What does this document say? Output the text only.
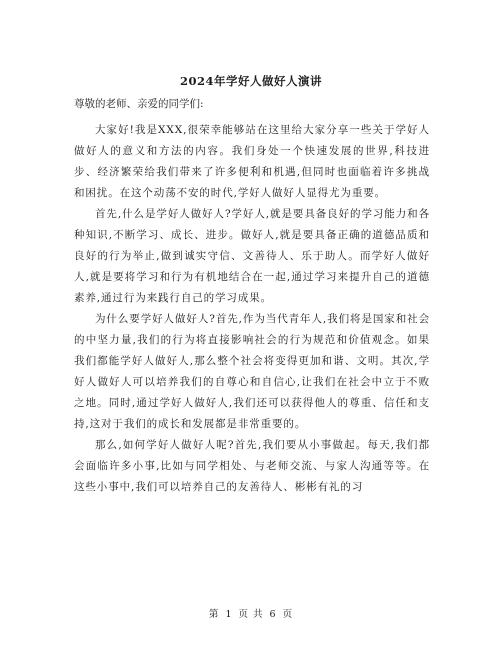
2024年学好人做好人演讲
尊敬的老师、亲爱的同学们:

大家好!我是XXX,很荣幸能够站在这里给大家分享一些关于学好人做好人的意义和方法的内容。我们身处一个快速发展的世界,科技进步、经济繁荣给我们带来了许多便利和机遇,但同时也面临着许多挑战和困扰。在这个动荡不安的时代,学好人做好人显得尤为重要。

首先,什么是学好人做好人?学好人,就是要具备良好的学习能力和各种知识,不断学习、成长、进步。做好人,就是要具备正确的道德品质和良好的行为举止,做到诚实守信、文善待人、乐于助人。而学好人做好人,就是要将学习和行为有机地结合在一起,通过学习来提升自己的道德素养,通过行为来践行自己的学习成果。

为什么要学好人做好人?首先,作为当代青年人,我们将是国家和社会的中坚力量,我们的行为将直接影响社会的行为规范和价值观念。如果我们都能学好人做好人,那么整个社会将变得更加和谐、文明。其次,学好人做好人可以培养我们的自尊心和自信心,让我们在社会中立于不败之地。同时,通过学好人做好人,我们还可以获得他人的尊重、信任和支持,这对于我们的成长和发展都是非常重要的。

那么,如何学好人做好人呢?首先,我们要从小事做起。每天,我们都会面临许多小事,比如与同学相处、与老师交流、与家人沟通等等。在这些小事中,我们可以培养自己的友善待人、彬彬有礼的习

第 1 页 共 6 页
